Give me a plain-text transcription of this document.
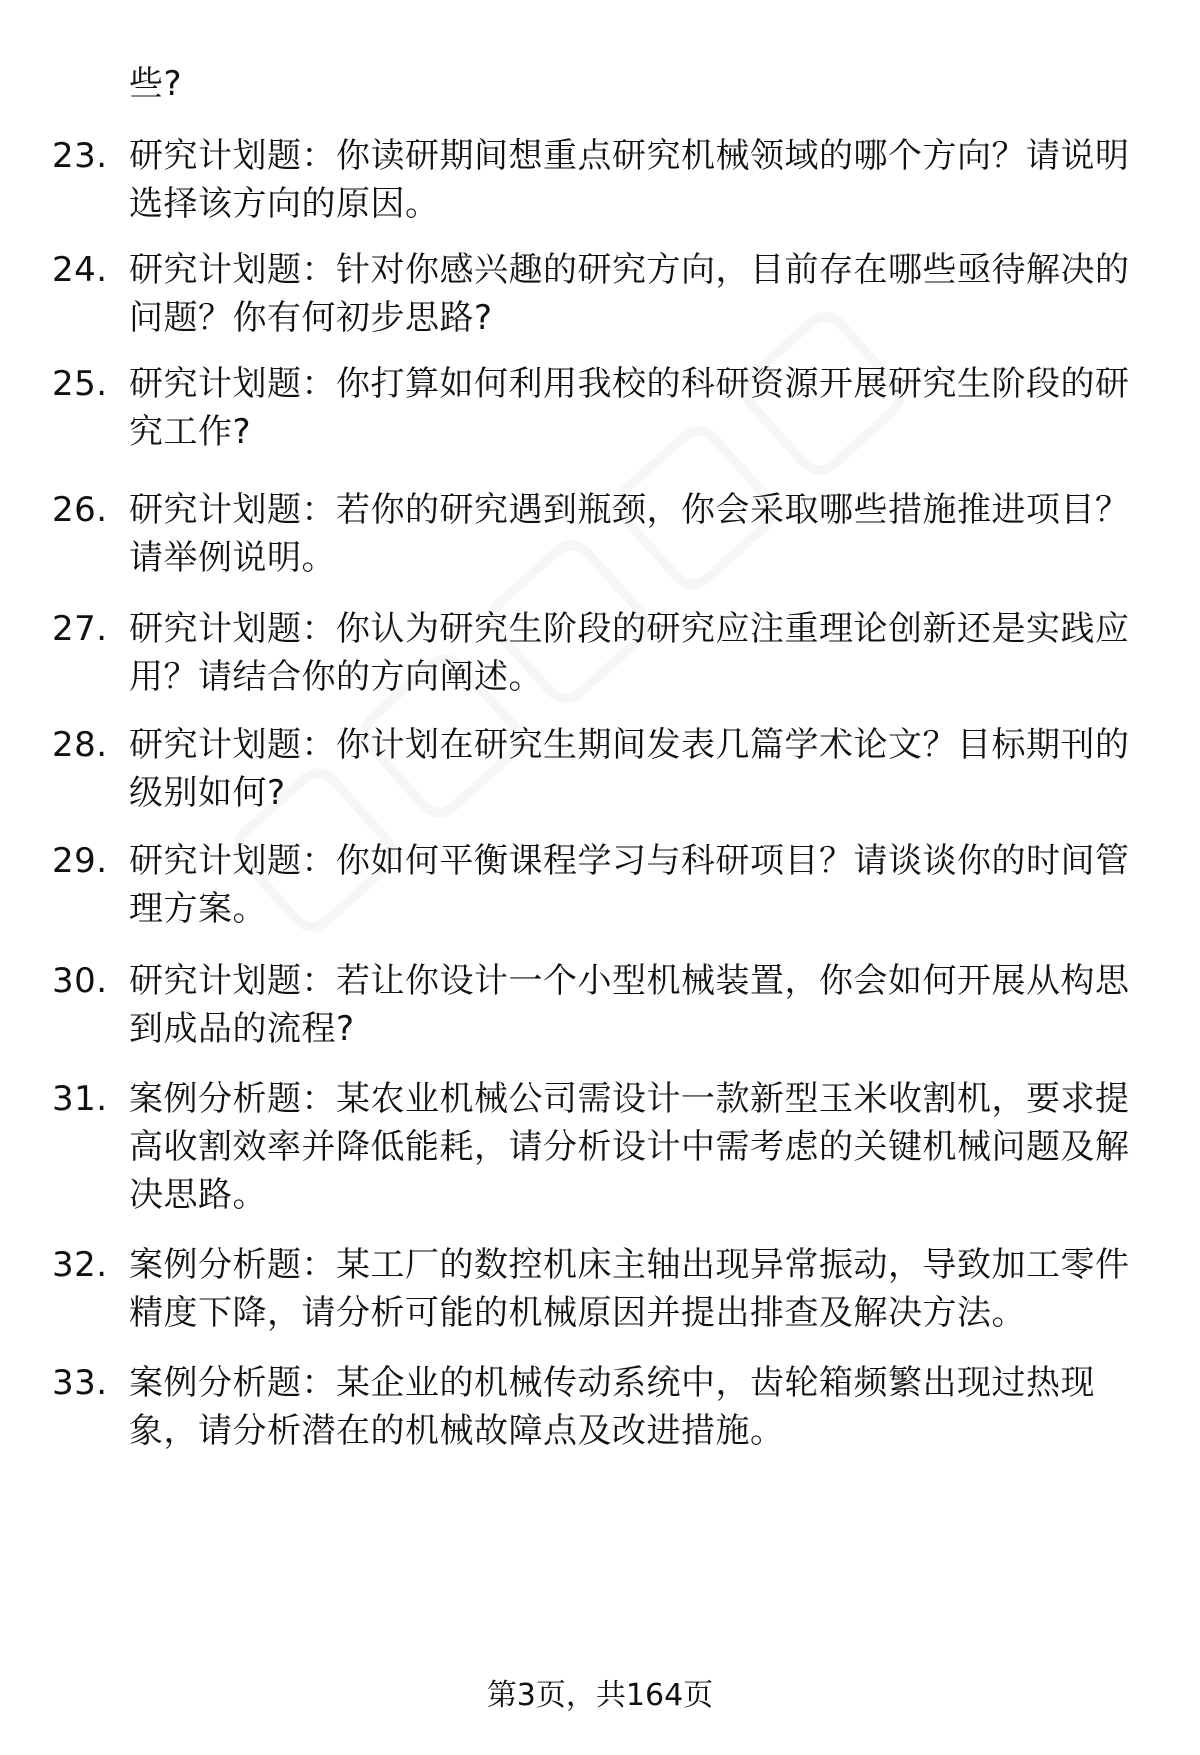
些?
23. 研究计划题：你读研期间想重点研究机械领域的哪个方向？请说明选择该方向的原因。
24. 研究计划题：针对你感兴趣的研究方向，目前存在哪些亟待解决的问题？你有何初步思路?
25. 研究计划题：你打算如何利用我校的科研资源开展研究生阶段的研究工作?
26. 研究计划题：若你的研究遇到瓶颈，你会采取哪些措施推进项目？请举例说明。
27. 研究计划题：你认为研究生阶段的研究应注重理论创新还是实践应用？请结合你的方向阐述。
28. 研究计划题：你计划在研究生期间发表几篇学术论文？目标期刊的级别如何?
29. 研究计划题：你如何平衡课程学习与科研项目？请谈谈你的时间管理方案。
30. 研究计划题：若让你设计一个小型机械装置，你会如何开展从构思到成品的流程?
31. 案例分析题：某农业机械公司需设计一款新型玉米收割机，要求提高收割效率并降低能耗，请分析设计中需考虑的关键机械问题及解决思路。
32. 案例分析题：某工厂的数控机床主轴出现异常振动，导致加工零件精度下降，请分析可能的机械原因并提出排查及解决方法。
33. 案例分析题：某企业的机械传动系统中，齿轮箱频繁出现过热现象，请分析潜在的机械故障点及改进措施。
第3页，共164页
